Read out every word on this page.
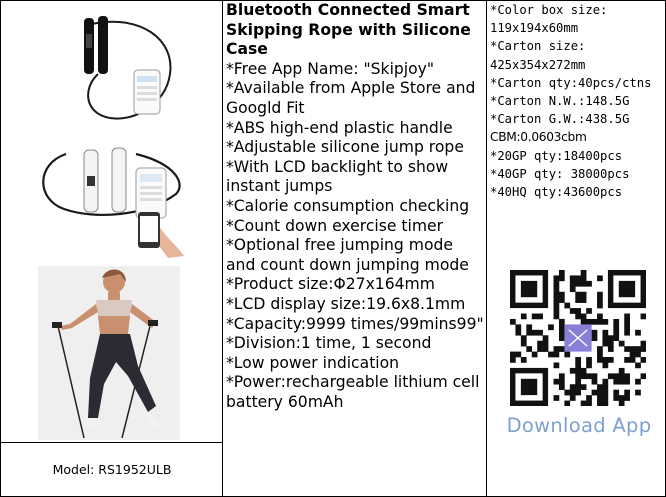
Model: RS1952ULB
Bluetooth Connected Smart Skipping Rope with Silicone Case
*Free App Name: "Skipjoy"
*Available from Apple Store and Googld Fit
*ABS high-end plastic handle
*Adjustable silicone jump rope
*With LCD backlight to show instant jumps
*Calorie consumption checking
*Count down exercise timer
*Optional free jumping mode and count down jumping mode
*Product size:Φ27x164mm
*LCD display size:19.6x8.1mm
*Capacity:9999 times/99mins99"
*Division:1 time, 1 second
*Low power indication
*Power:rechargeable lithium cell battery 60mAh
*Color box size:
119x194x60mm
*Carton size:
425x354x272mm
*Carton qty:40pcs/ctns
*Carton N.W.:148.5G
*Carton G.W.:438.5G
CBM:0.0603cbm
*20GP qty:18400pcs
*40GP qty: 38000pcs
*40HQ qty:43600pcs
Download App
